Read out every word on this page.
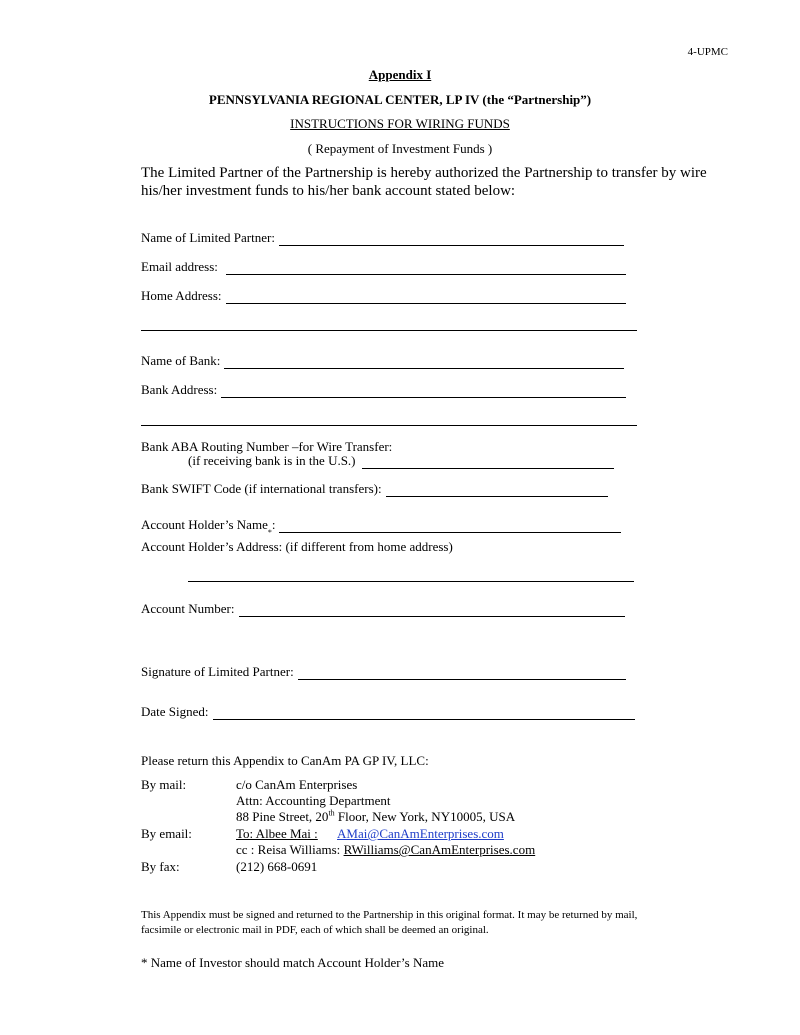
4-UPMC
Appendix I
PENNSYLVANIA REGIONAL CENTER, LP IV (the “Partnership”)
INSTRUCTIONS FOR WIRING FUNDS
( Repayment of Investment Funds )
The Limited Partner of the Partnership is hereby authorized the Partnership to transfer by wire his/her investment funds to his/her bank account stated below:
Name of Limited Partner:
Email address:
Home Address:
Name of Bank:
Bank Address:
Bank ABA Routing Number –for Wire Transfer:
(if receiving bank is in the U.S.)
Bank SWIFT Code (if international transfers):
Account Holder’s Name
*
:
Account Holder’s Address: (if different from home address)
Account Number:
Signature of Limited Partner:
Date Signed:
Please return this Appendix to CanAm PA GP IV, LLC:
By mail:	c/o CanAm Enterprises
Attn: Accounting Department
88 Pine Street, 20th Floor, New York, NY10005, USA
By email:	To: Albee Mai : AMai@CanAmEnterprises.com
cc : Reisa Williams: RWilliams@CanAmEnterprises.com
By fax:	(212) 668-0691
This Appendix must be signed and returned to the Partnership in this original format. It may be returned by mail, facsimile or electronic mail in PDF, each of which shall be deemed an original.
* Name of Investor should match Account Holder’s Name
